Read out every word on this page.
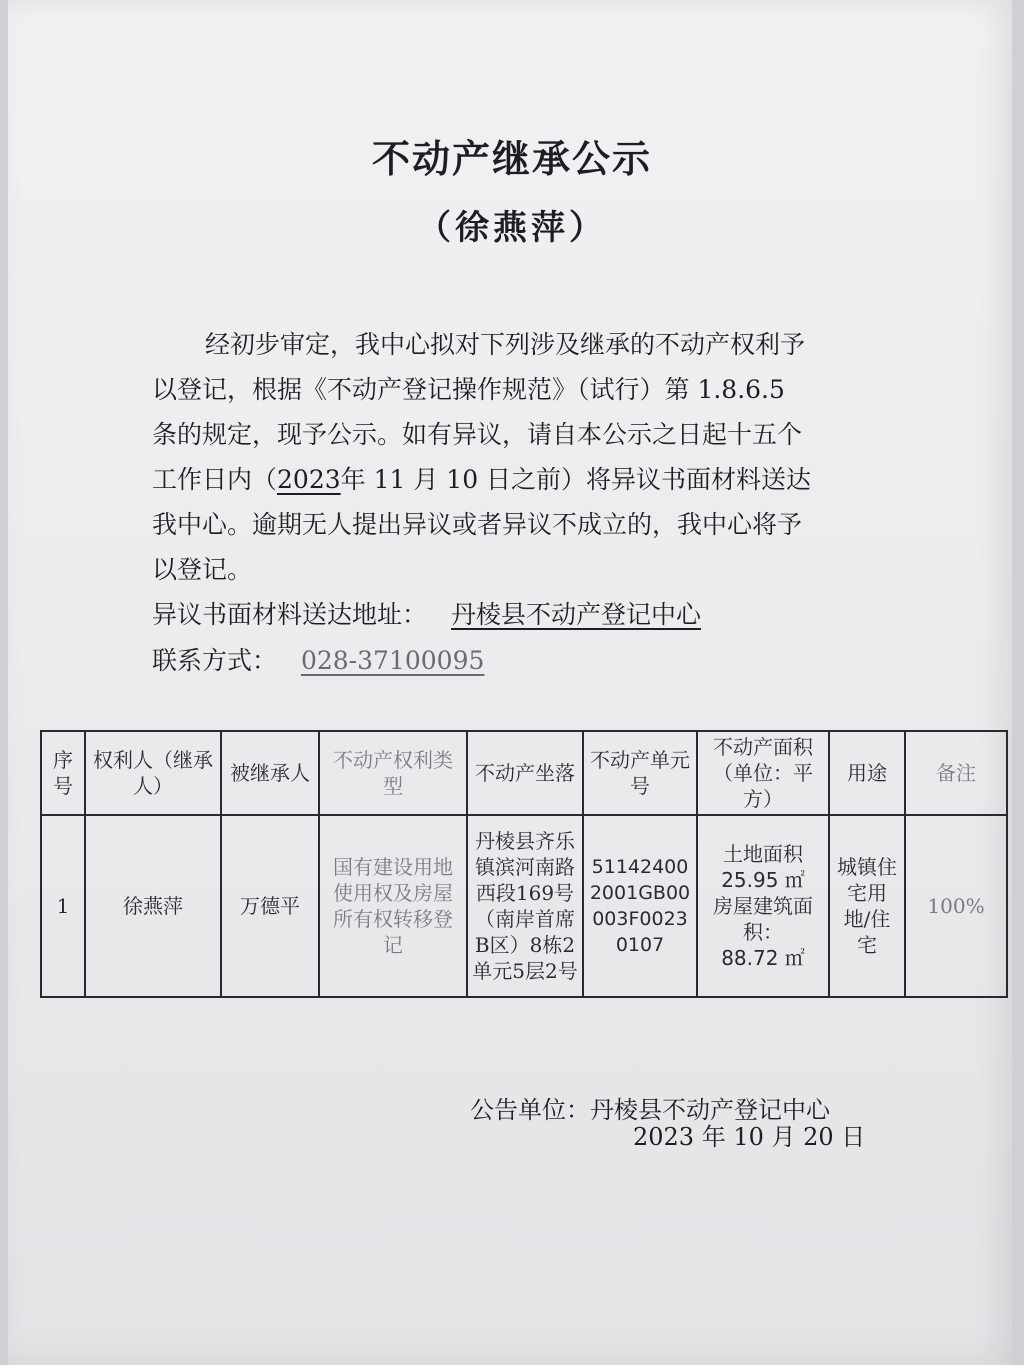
不动产继承公示
（徐燕萍）
经初步审定，我中心拟对下列涉及继承的不动产权利予
以登记，根据《不动产登记操作规范》（试行）第 1.8.6.5
条的规定，现予公示。如有异议，请自本公示之日起十五个
工作日内（2023年 11 月 10 日之前）将异议书面材料送达
我中心。逾期无人提出异议或者异议不成立的，我中心将予
以登记。
异议书面材料送达地址： 丹棱县不动产登记中心
联系方式： 028-37100095
序号	权利人（继承人）	被继承人	不动产权利类型	不动产坐落	不动产单元号	不动产面积（单位：平方）	用途	备注
1	徐燕萍	万德平	国有建设用地使用权及房屋所有权转移登记	丹棱县齐乐镇滨河南路西段169号（南岸首席B区）8栋2单元5层2号	511424002001GB00003F00230107	土地面积
25.95 ㎡
房屋建筑面积：
88.72 ㎡	城镇住宅用地/住宅	100%
公告单位：丹棱县不动产登记中心
2023 年 10 月 20 日
